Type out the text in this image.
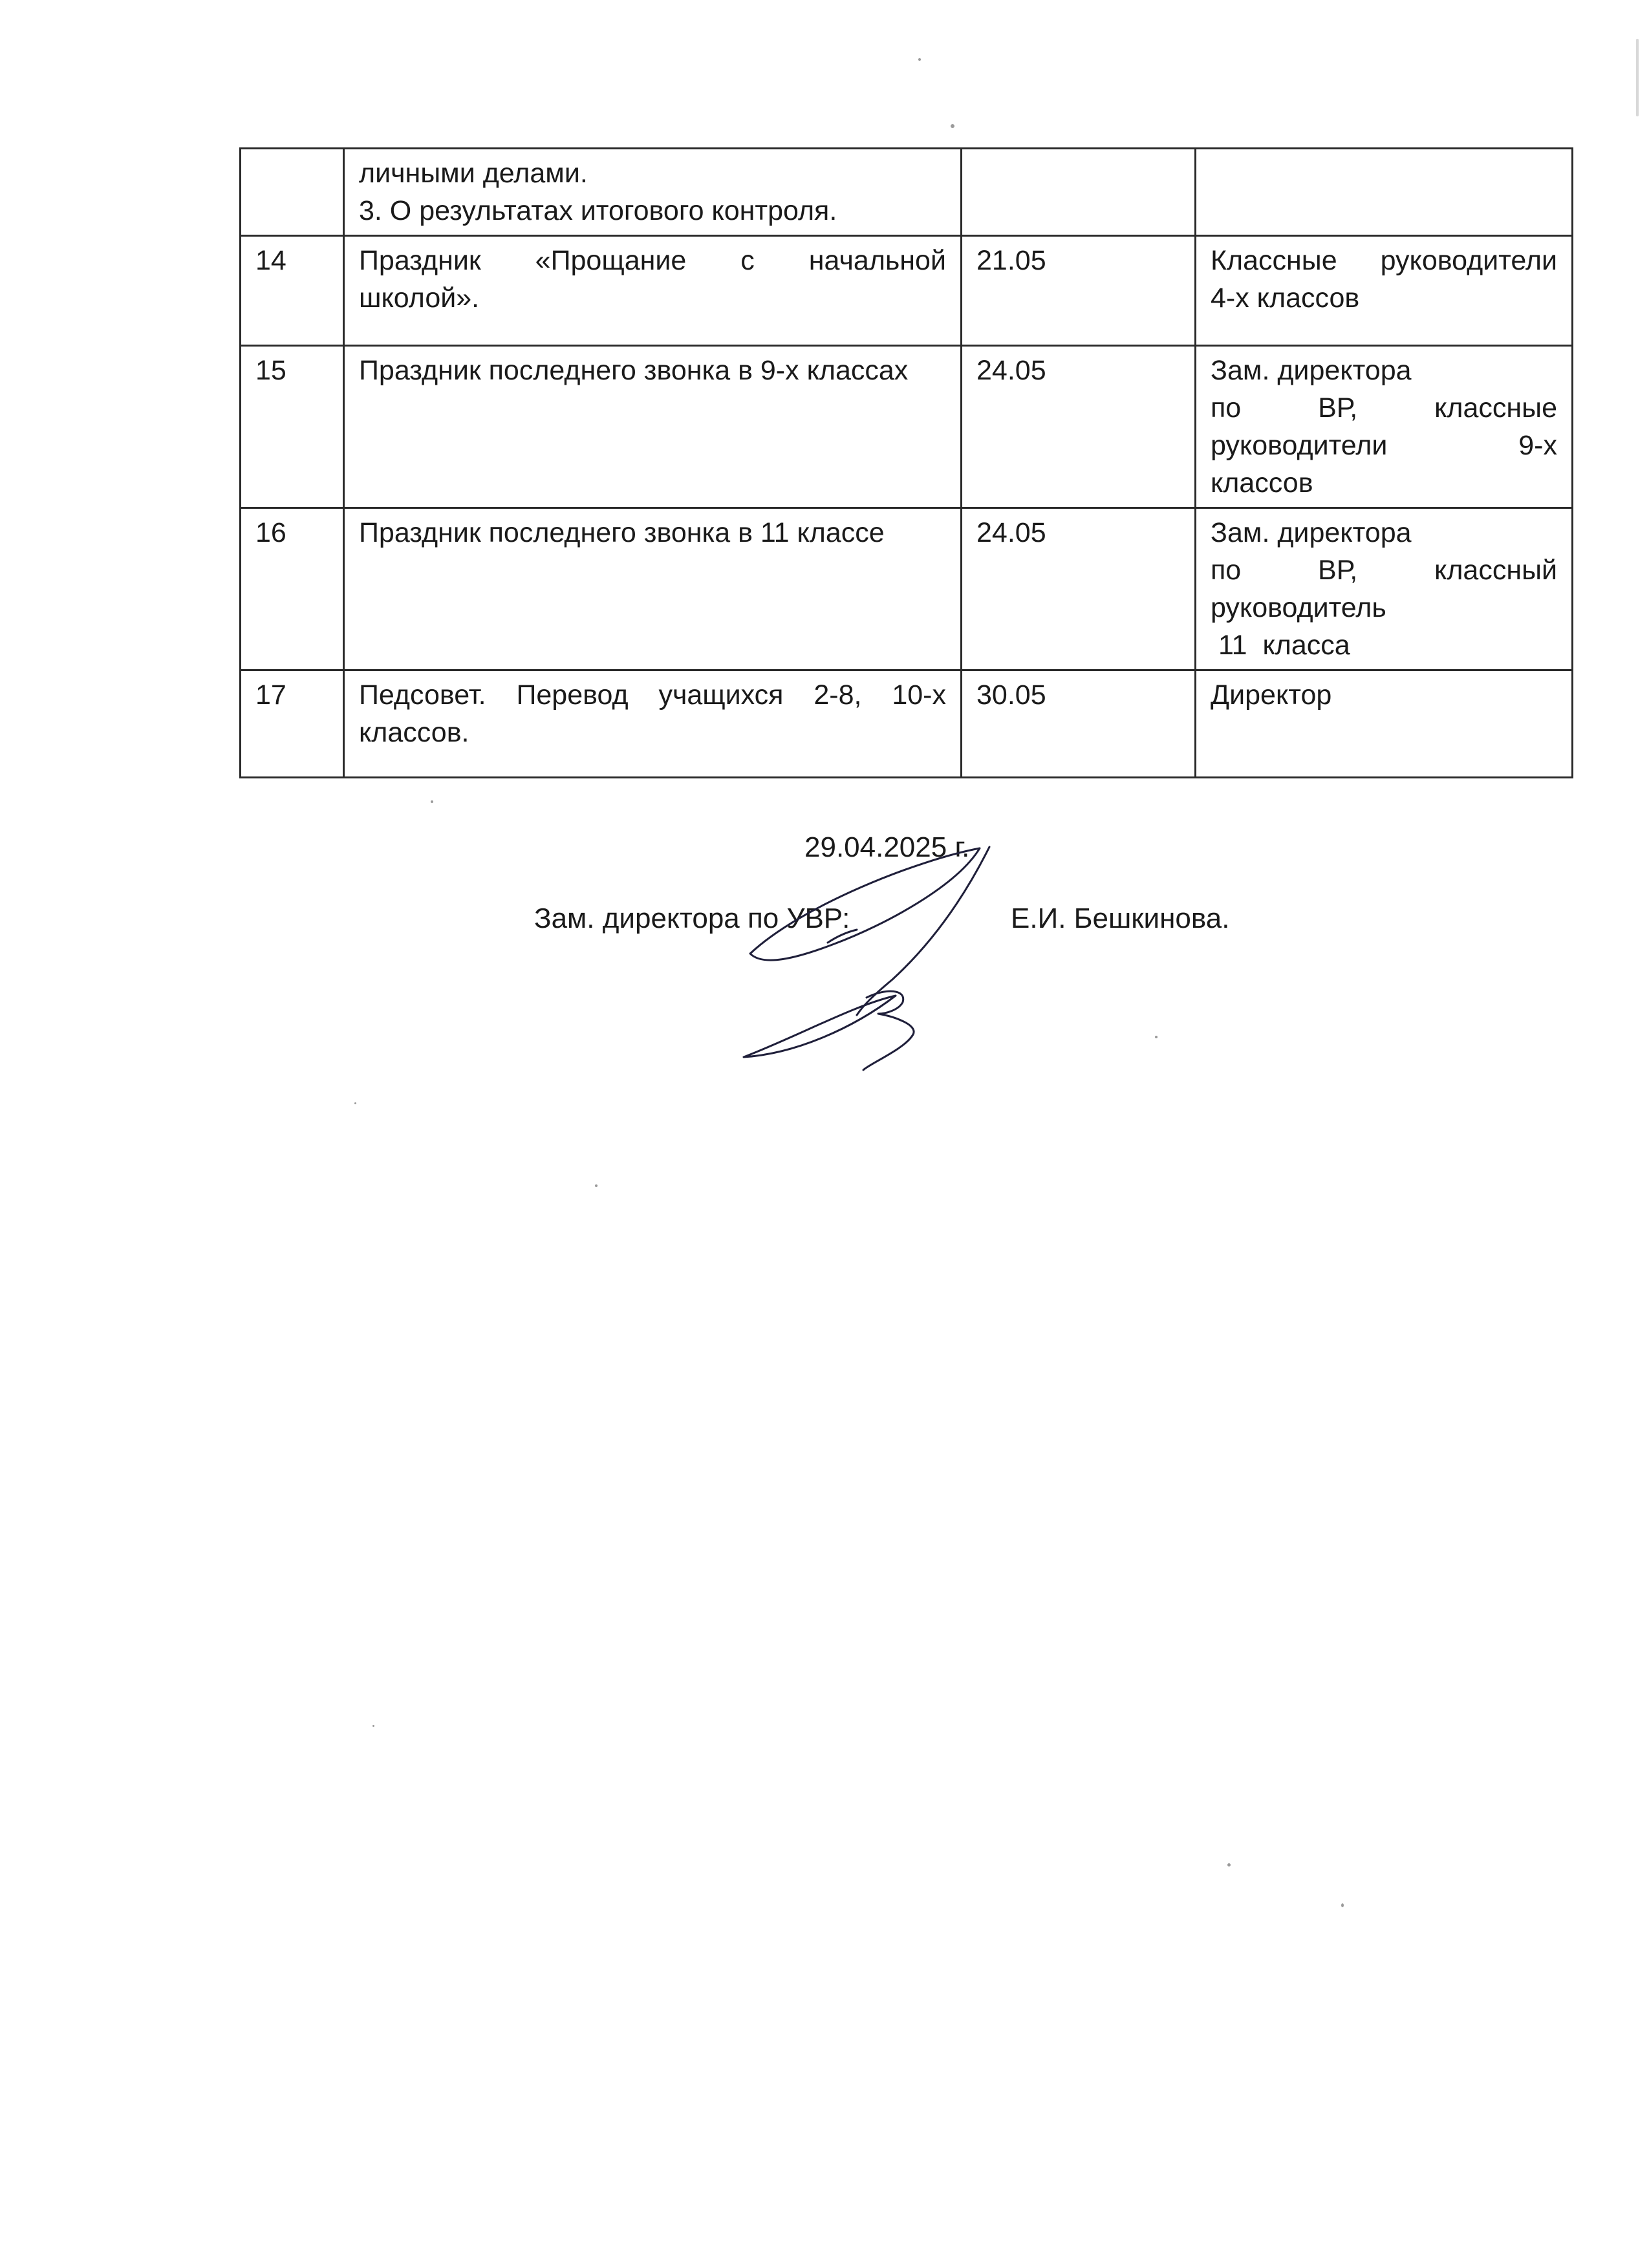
	личными делами.
3. О результатах итогового контроля.		

14	Праздник «Прощание с начальной
школой».	21.05	Классные руководители
4-х классов

15	Праздник последнего звонка в 9-х классах	24.05	Зам. директора
по ВР, классные
руководители 9-х
классов

16	Праздник последнего звонка в 11 классе	24.05	Зам. директора
по ВР, классный
руководитель
11  класса

17	Педсовет. Перевод учащихся 2-8, 10-х
классов.	30.05	Директор
29.04.2025 г.
Зам. директора по УВР:	Е.И. Бешкинова.
